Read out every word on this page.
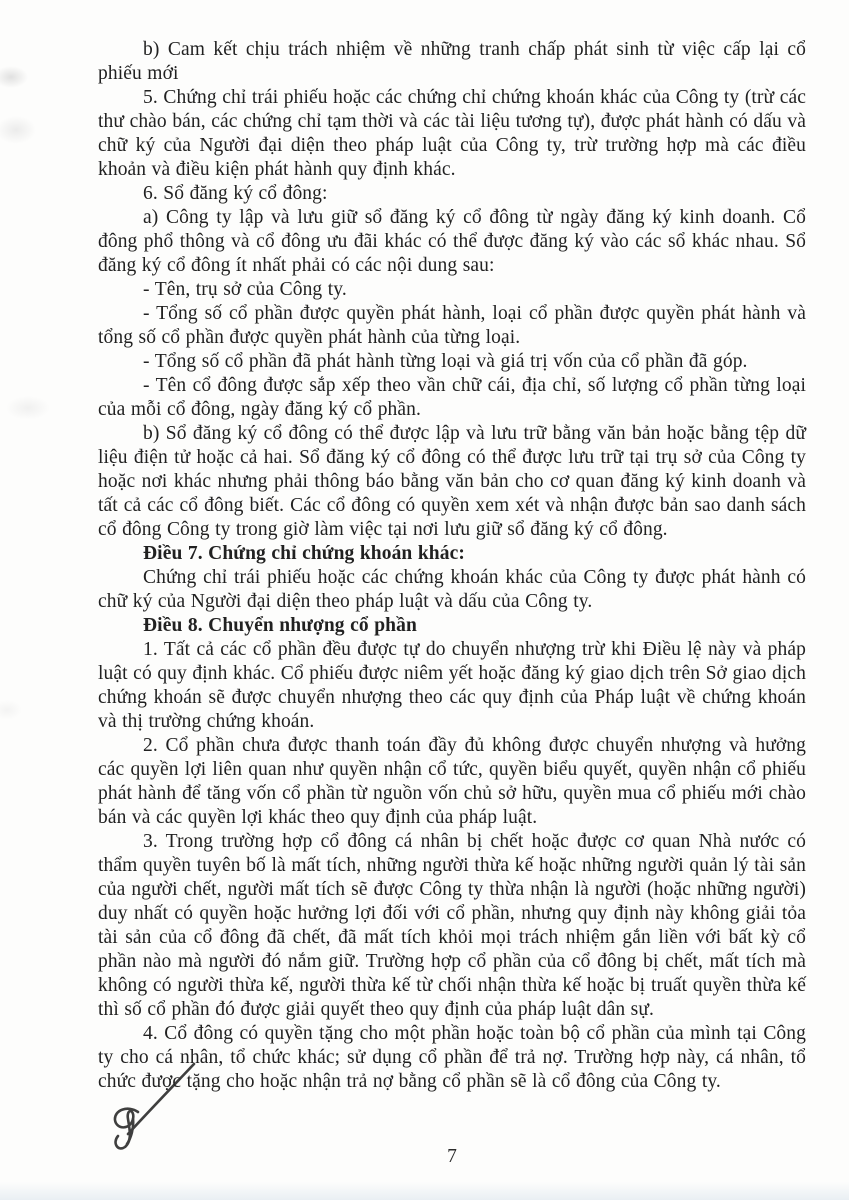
b) Cam kết chịu trách nhiệm về những tranh chấp phát sinh từ việc cấp lại cổ phiếu mới

5. Chứng chỉ trái phiếu hoặc các chứng chỉ chứng khoán khác của Công ty (trừ các thư chào bán, các chứng chỉ tạm thời và các tài liệu tương tự), được phát hành có dấu và chữ ký của Người đại diện theo pháp luật của Công ty, trừ trường hợp mà các điều khoản và điều kiện phát hành quy định khác.

6. Sổ đăng ký cổ đông:

a) Công ty lập và lưu giữ sổ đăng ký cổ đông từ ngày đăng ký kinh doanh. Cổ đông phổ thông và cổ đông ưu đãi khác có thể được đăng ký vào các sổ khác nhau. Sổ đăng ký cổ đông ít nhất phải có các nội dung sau:

- Tên, trụ sở của Công ty.

- Tổng số cổ phần được quyền phát hành, loại cổ phần được quyền phát hành và tổng số cổ phần được quyền phát hành của từng loại.

- Tổng số cổ phần đã phát hành từng loại và giá trị vốn của cổ phần đã góp.

- Tên cổ đông được sắp xếp theo vần chữ cái, địa chỉ, số lượng cổ phần từng loại của mỗi cổ đông, ngày đăng ký cổ phần.

b) Sổ đăng ký cổ đông có thể được lập và lưu trữ bằng văn bản hoặc bằng tệp dữ liệu điện tử hoặc cả hai. Sổ đăng ký cổ đông có thể được lưu trữ tại trụ sở của Công ty hoặc nơi khác nhưng phải thông báo bằng văn bản cho cơ quan đăng ký kinh doanh và tất cả các cổ đông biết. Các cổ đông có quyền xem xét và nhận được bản sao danh sách cổ đông Công ty trong giờ làm việc tại nơi lưu giữ sổ đăng ký cổ đông.

Điều 7. Chứng chỉ chứng khoán khác:

Chứng chỉ trái phiếu hoặc các chứng khoán khác của Công ty được phát hành có chữ ký của Người đại diện theo pháp luật và dấu của Công ty.

Điều 8. Chuyển nhượng cổ phần

1. Tất cả các cổ phần đều được tự do chuyển nhượng trừ khi Điều lệ này và pháp luật có quy định khác. Cổ phiếu được niêm yết hoặc đăng ký giao dịch trên Sở giao dịch chứng khoán sẽ được chuyển nhượng theo các quy định của Pháp luật về chứng khoán và thị trường chứng khoán.

2. Cổ phần chưa được thanh toán đầy đủ không được chuyển nhượng và hưởng các quyền lợi liên quan như quyền nhận cổ tức, quyền biểu quyết, quyền nhận cổ phiếu phát hành để tăng vốn cổ phần từ nguồn vốn chủ sở hữu, quyền mua cổ phiếu mới chào bán và các quyền lợi khác theo quy định của pháp luật.

3. Trong trường hợp cổ đông cá nhân bị chết hoặc được cơ quan Nhà nước có thẩm quyền tuyên bố là mất tích, những người thừa kế hoặc những người quản lý tài sản của người chết, người mất tích sẽ được Công ty thừa nhận là người (hoặc những người) duy nhất có quyền hoặc hưởng lợi đối với cổ phần, nhưng quy định này không giải tỏa tài sản của cổ đông đã chết, đã mất tích khỏi mọi trách nhiệm gắn liền với bất kỳ cổ phần nào mà người đó nắm giữ. Trường hợp cổ phần của cổ đông bị chết, mất tích mà không có người thừa kế, người thừa kế từ chối nhận thừa kế hoặc bị truất quyền thừa kế thì số cổ phần đó được giải quyết theo quy định của pháp luật dân sự.

4. Cổ đông có quyền tặng cho một phần hoặc toàn bộ cổ phần của mình tại Công ty cho cá nhân, tổ chức khác; sử dụng cổ phần để trả nợ. Trường hợp này, cá nhân, tổ chức được tặng cho hoặc nhận trả nợ bằng cổ phần sẽ là cổ đông của Công ty.

7
